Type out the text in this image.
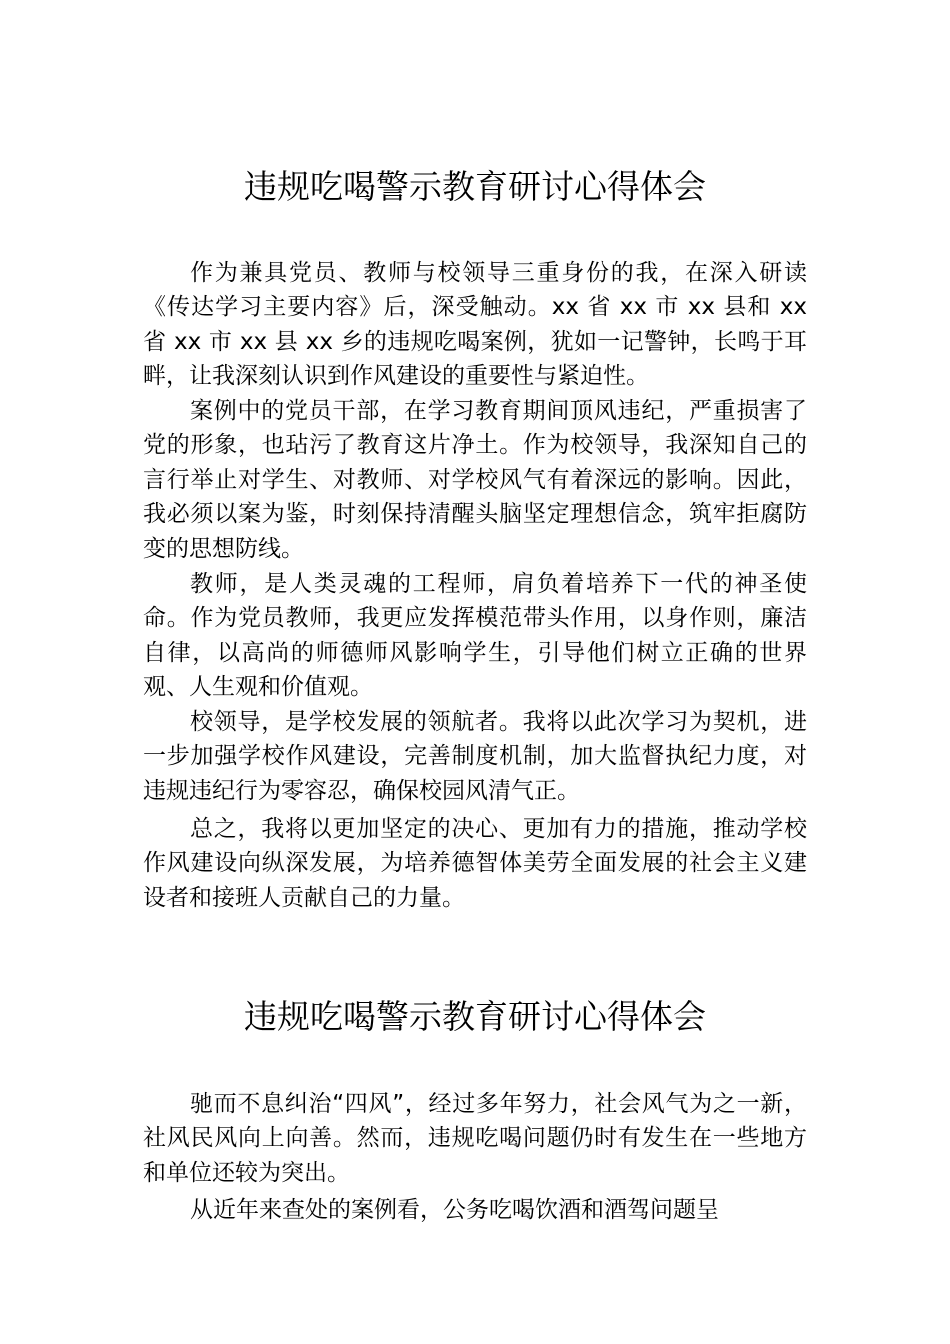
违规吃喝警示教育研讨心得体会

作为兼具党员、教师与校领导三重身份的我，在深入研读《传达学习主要内容》后，深受触动。xx 省 xx 市 xx 县和 xx 省 xx 市 xx 县 xx 乡的违规吃喝案例，犹如一记警钟，长鸣于耳畔，让我深刻认识到作风建设的重要性与紧迫性。

案例中的党员干部，在学习教育期间顶风违纪，严重损害了党的形象，也玷污了教育这片净土。作为校领导，我深知自己的言行举止对学生、对教师、对学校风气有着深远的影响。因此，我必须以案为鉴，时刻保持清醒头脑坚定理想信念，筑牢拒腐防变的思想防线。

教师，是人类灵魂的工程师，肩负着培养下一代的神圣使命。作为党员教师，我更应发挥模范带头作用，以身作则，廉洁自律，以高尚的师德师风影响学生，引导他们树立正确的世界观、人生观和价值观。

校领导，是学校发展的领航者。我将以此次学习为契机，进一步加强学校作风建设，完善制度机制，加大监督执纪力度，对违规违纪行为零容忍，确保校园风清气正。

总之，我将以更加坚定的决心、更加有力的措施，推动学校作风建设向纵深发展，为培养德智体美劳全面发展的社会主义建设者和接班人贡献自己的力量。

违规吃喝警示教育研讨心得体会

驰而不息纠治“四风”，经过多年努力，社会风气为之一新，社风民风向上向善。然而，违规吃喝问题仍时有发生在一些地方和单位还较为突出。

从近年来查处的案例看，公务吃喝饮酒和酒驾问题呈
